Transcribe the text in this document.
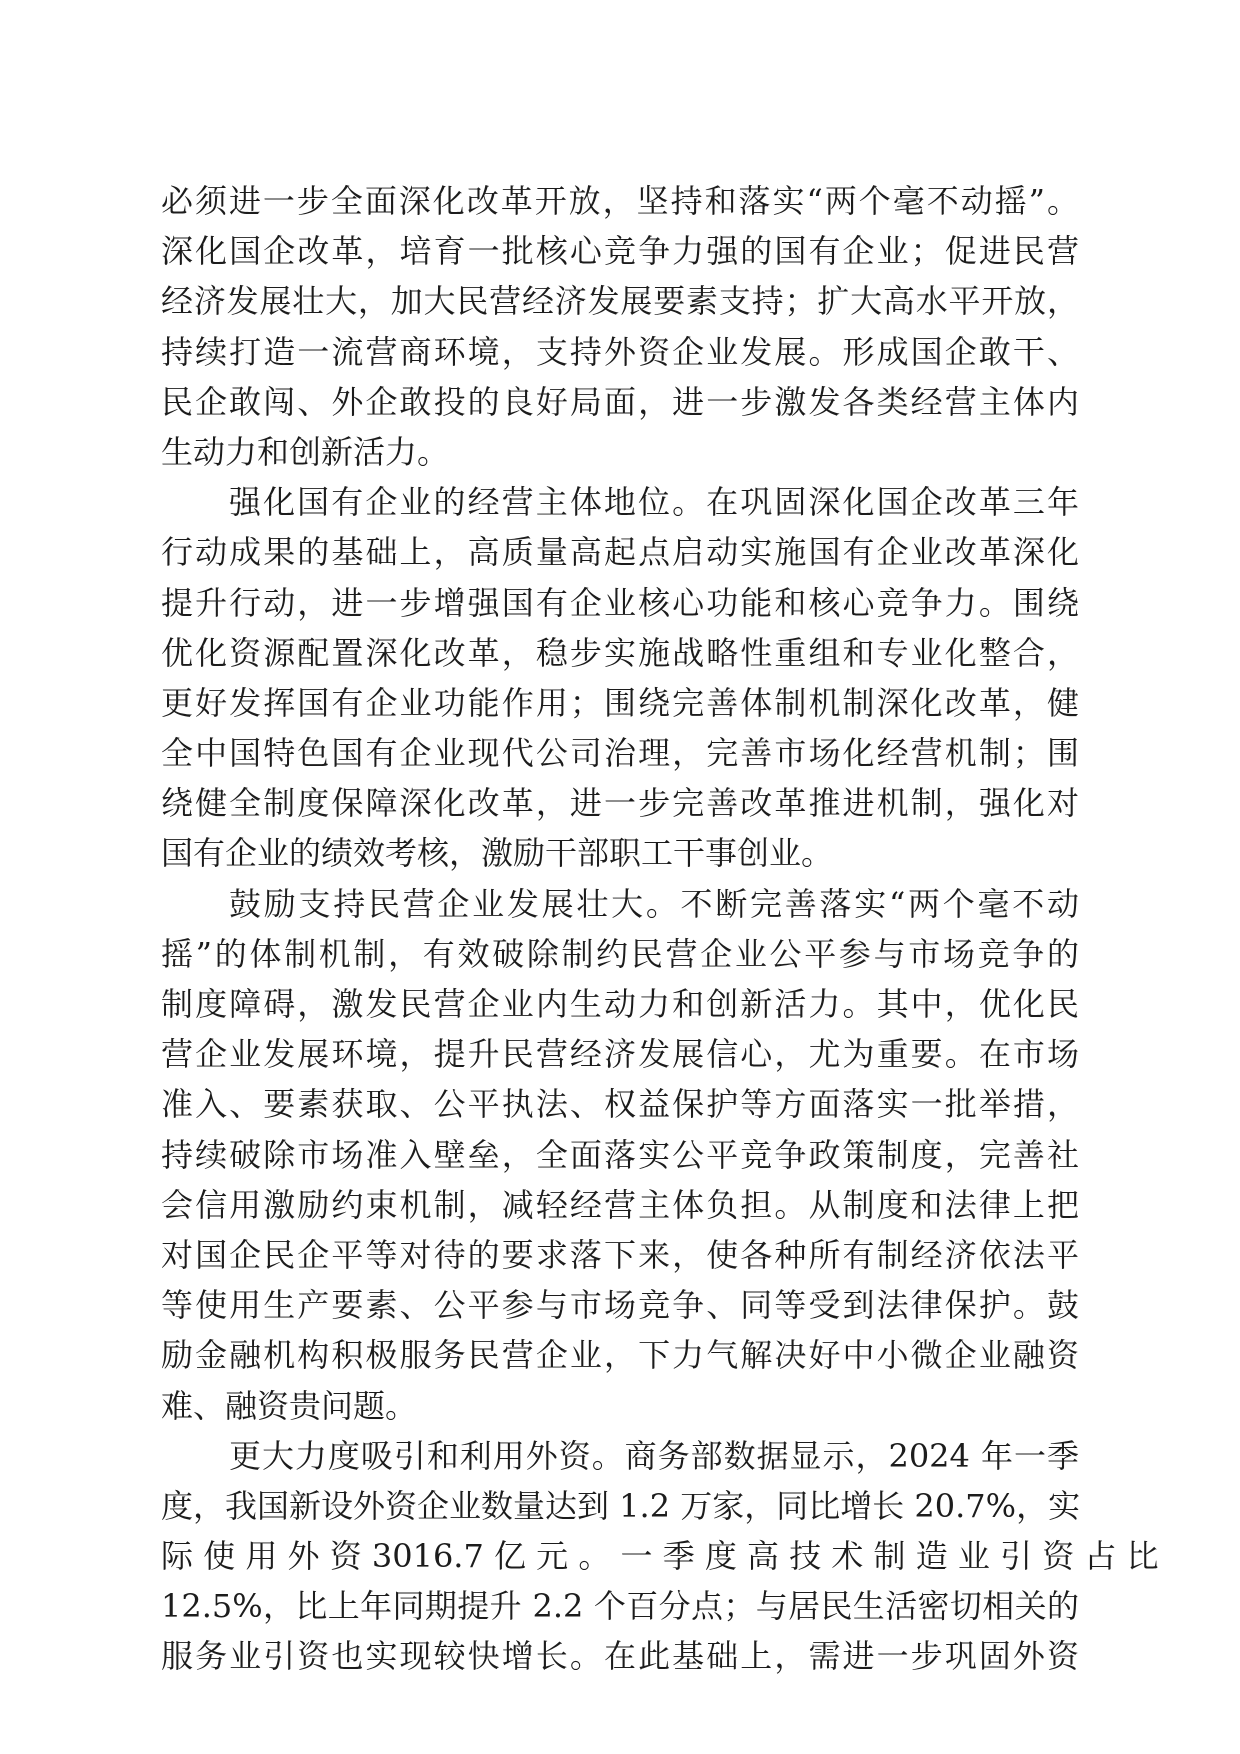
必须进一步全面深化改革开放，坚持和落实“两个毫不动摇”。
深化国企改革，培育一批核心竞争力强的国有企业；促进民营
经济发展壮大，加大民营经济发展要素支持；扩大高水平开放，
持续打造一流营商环境，支持外资企业发展。形成国企敢干、
民企敢闯、外企敢投的良好局面，进一步激发各类经营主体内
生动力和创新活力。
强化国有企业的经营主体地位。在巩固深化国企改革三年
行动成果的基础上，高质量高起点启动实施国有企业改革深化
提升行动，进一步增强国有企业核心功能和核心竞争力。围绕
优化资源配置深化改革，稳步实施战略性重组和专业化整合，
更好发挥国有企业功能作用；围绕完善体制机制深化改革，健
全中国特色国有企业现代公司治理，完善市场化经营机制；围
绕健全制度保障深化改革，进一步完善改革推进机制，强化对
国有企业的绩效考核，激励干部职工干事创业。
鼓励支持民营企业发展壮大。不断完善落实“两个毫不动
摇”的体制机制，有效破除制约民营企业公平参与市场竞争的
制度障碍，激发民营企业内生动力和创新活力。其中，优化民
营企业发展环境，提升民营经济发展信心，尤为重要。在市场
准入、要素获取、公平执法、权益保护等方面落实一批举措，
持续破除市场准入壁垒，全面落实公平竞争政策制度，完善社
会信用激励约束机制，减轻经营主体负担。从制度和法律上把
对国企民企平等对待的要求落下来，使各种所有制经济依法平
等使用生产要素、公平参与市场竞争、同等受到法律保护。鼓
励金融机构积极服务民营企业，下力气解决好中小微企业融资
难、融资贵问题。
更大力度吸引和利用外资。商务部数据显示，2024 年一季
度，我国新设外资企业数量达到 1.2 万家，同比增长 20.7%，实
际 使 用 外 资 3016.7 亿 元 。 一 季 度 高 技 术 制 造 业 引 资 占 比
12.5%，比上年同期提升 2.2 个百分点；与居民生活密切相关的
服务业引资也实现较快增长。在此基础上，需进一步巩固外资
